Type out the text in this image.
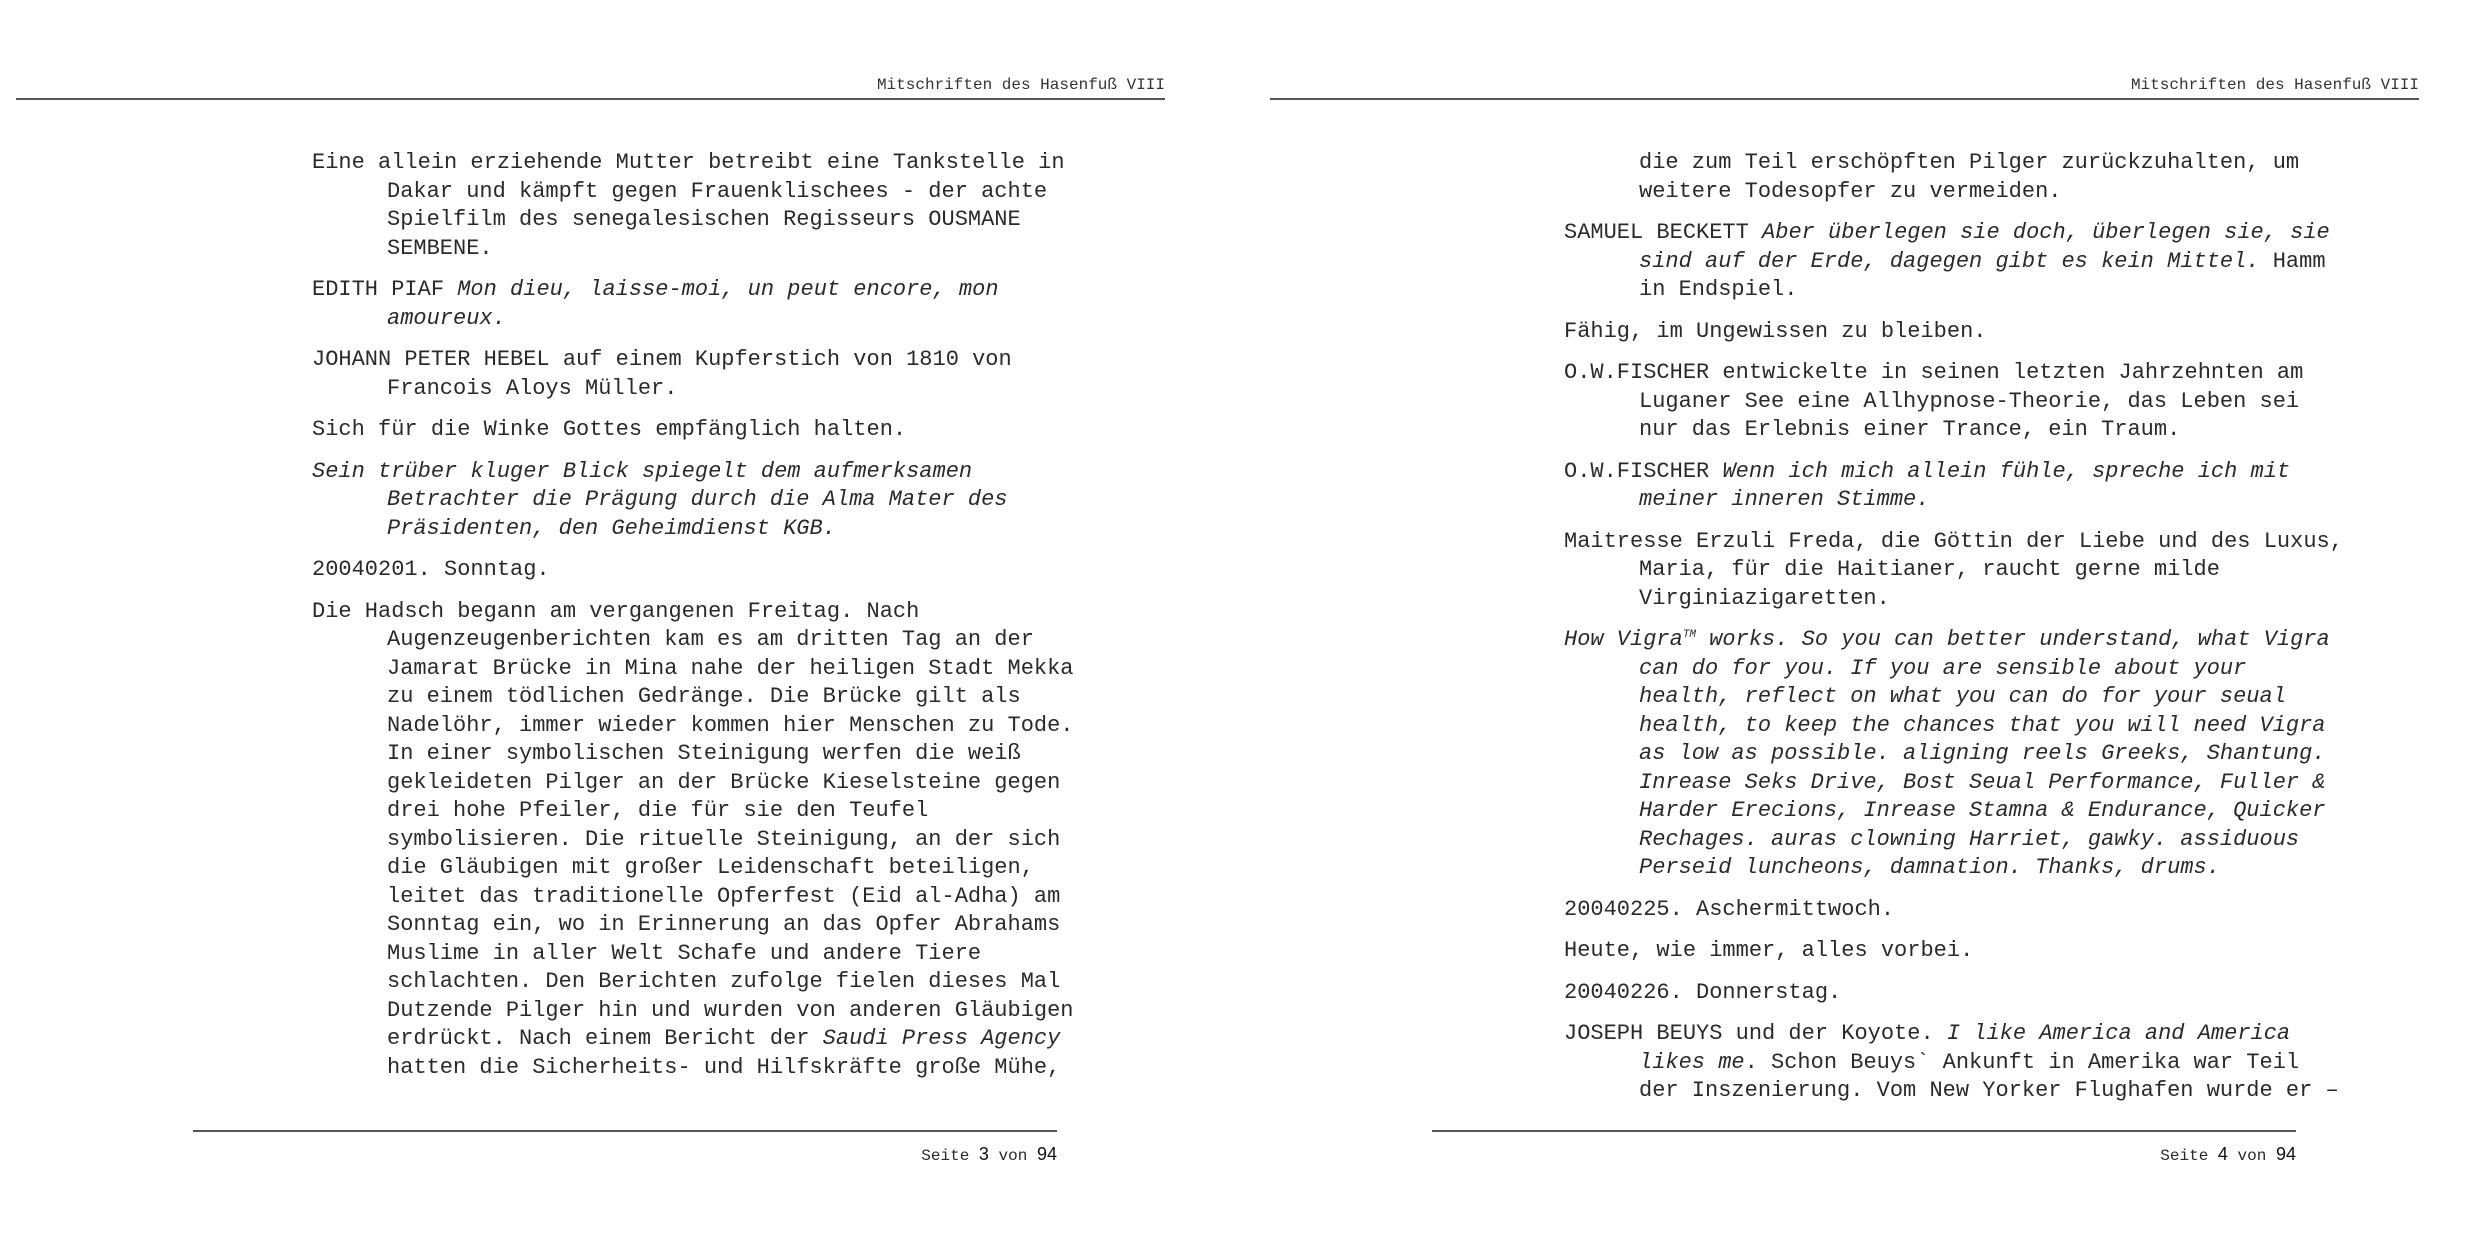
Mitschriften des Hasenfuß VIII

Eine allein erziehende Mutter betreibt eine Tankstelle in Dakar und kämpft gegen Frauenklischees - der achte Spielfilm des senegalesischen Regisseurs OUSMANE SEMBENE.

EDITH PIAF Mon dieu, laisse-moi, un peut encore, mon amoureux.

JOHANN PETER HEBEL auf einem Kupferstich von 1810 von Francois Aloys Müller.

Sich für die Winke Gottes empfänglich halten.

Sein trüber kluger Blick spiegelt dem aufmerksamen Betrachter die Prägung durch die Alma Mater des Präsidenten, den Geheimdienst KGB.

20040201. Sonntag.

Die Hadsch begann am vergangenen Freitag. Nach Augenzeugenberichten kam es am dritten Tag an der Jamarat Brücke in Mina nahe der heiligen Stadt Mekka zu einem tödlichen Gedränge. Die Brücke gilt als Nadelöhr, immer wieder kommen hier Menschen zu Tode. In einer symbolischen Steinigung werfen die weiß gekleideten Pilger an der Brücke Kieselsteine gegen drei hohe Pfeiler, die für sie den Teufel symbolisieren. Die rituelle Steinigung, an der sich die Gläubigen mit großer Leidenschaft beteiligen, leitet das traditionelle Opferfest (Eid al-Adha) am Sonntag ein, wo in Erinnerung an das Opfer Abrahams Muslime in aller Welt Schafe und andere Tiere schlachten. Den Berichten zufolge fielen dieses Mal Dutzende Pilger hin und wurden von anderen Gläubigen erdrückt. Nach einem Bericht der Saudi Press Agency hatten die Sicherheits- und Hilfskräfte große Mühe,

Seite 3 von 94
Mitschriften des Hasenfuß VIII

die zum Teil erschöpften Pilger zurückzuhalten, um weitere Todesopfer zu vermeiden.

SAMUEL BECKETT Aber überlegen sie doch, überlegen sie, sie sind auf der Erde, dagegen gibt es kein Mittel. Hamm in Endspiel.

Fähig, im Ungewissen zu bleiben.

O.W.FISCHER entwickelte in seinen letzten Jahrzehnten am Luganer See eine Allhypnose-Theorie, das Leben sei nur das Erlebnis einer Trance, ein Traum.

O.W.FISCHER Wenn ich mich allein fühle, spreche ich mit meiner inneren Stimme.

Maitresse Erzuli Freda, die Göttin der Liebe und des Luxus, Maria, für die Haitianer, raucht gerne milde Virginiazigaretten.

How Vigra™ works. So you can better understand, what Vigra can do for you. If you are sensible about your health, reflect on what you can do for your seual health, to keep the chances that you will need Vigra as low as possible. aligning reels Greeks, Shantung. Inrease Seks Drive, Bost Seual Performance, Fuller & Harder Erecions, Inrease Stamna & Endurance, Quicker Rechages. auras clowning Harriet, gawky. assiduous Perseid luncheons, damnation. Thanks, drums.

20040225. Aschermittwoch.

Heute, wie immer, alles vorbei.

20040226. Donnerstag.

JOSEPH BEUYS und der Koyote. I like America and America likes me. Schon Beuys` Ankunft in Amerika war Teil der Inszenierung. Vom New Yorker Flughafen wurde er –

Seite 4 von 94
